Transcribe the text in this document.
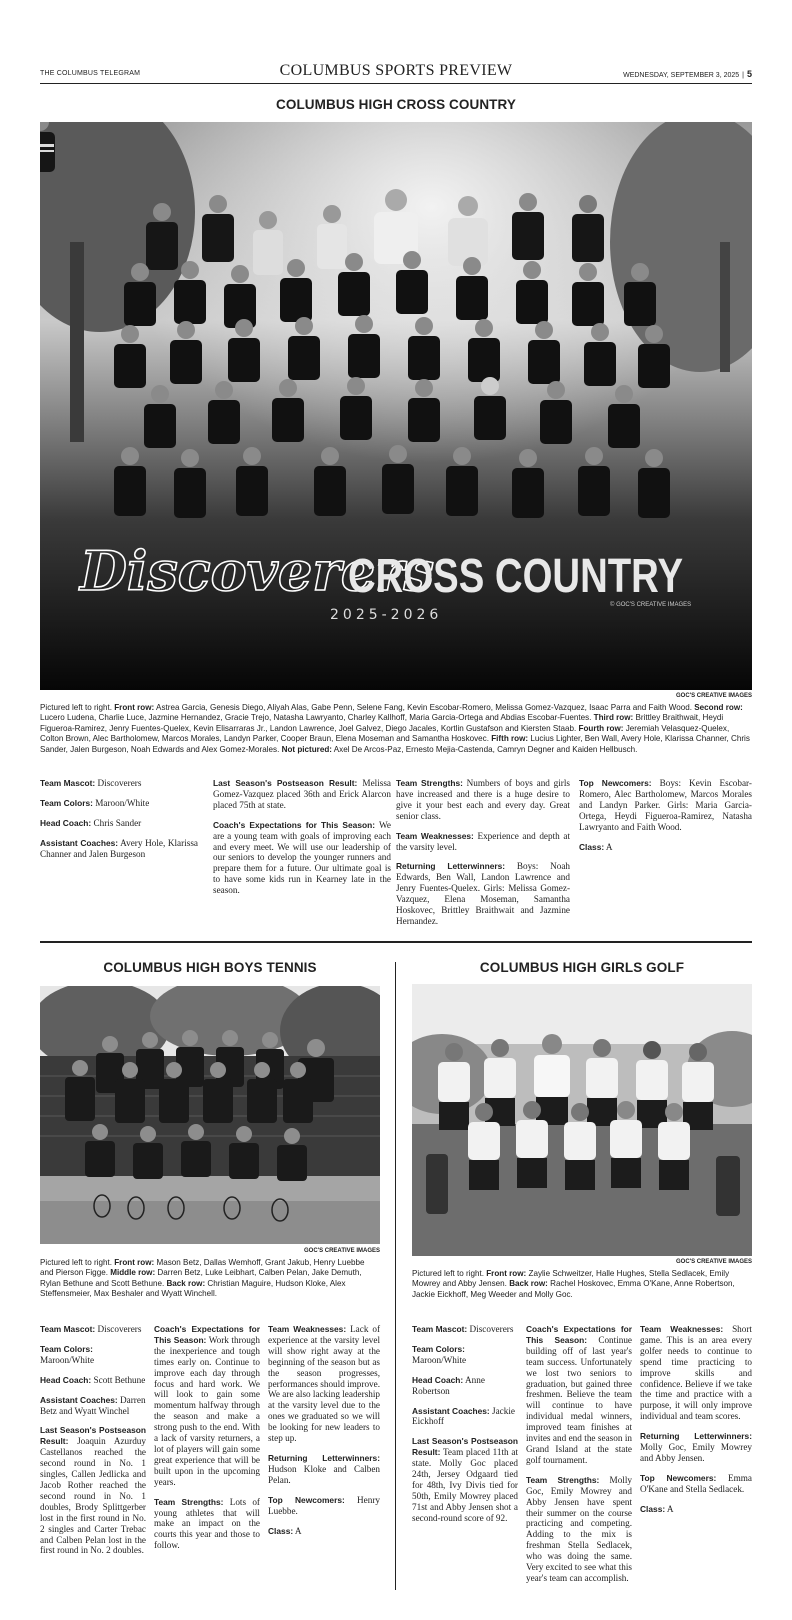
THE COLUMBUS TELEGRAM	COLUMBUS SPORTS PREVIEW	WEDNESDAY, SEPTEMBER 3, 2025 | 5
COLUMBUS HIGH CROSS COUNTRY
Discoverers
CROSS COUNTRY
2025-2026
© GOC'S CREATIVE IMAGES
GOC'S CREATIVE IMAGES
Pictured left to right. Front row: Astrea Garcia, Genesis Diego, Aliyah Alas, Gabe Penn, Selene Fang, Kevin Escobar-Romero, Melissa Gomez-Vazquez, Isaac Parra and Faith Wood. Second row: Lucero Ludena, Charlie Luce, Jazmine Hernandez, Gracie Trejo, Natasha Lawryanto, Charley Kallhoff, Maria Garcia-Ortega and Abdias Escobar-Fuentes. Third row: Brittley Braithwait, Heydi Figueroa-Ramirez, Jenry Fuentes-Quelex, Kevin Elisarraras Jr., Landon Lawrence, Joel Galvez, Diego Jacales, Kortlin Gustafson and Kiersten Staab. Fourth row: Jeremiah Velasquez-Quelex, Colton Brown, Alec Bartholomew, Marcos Morales, Landyn Parker, Cooper Braun, Elena Moseman and Samantha Hoskovec. Fifth row: Lucius Lighter, Ben Wall, Avery Hole, Klarissa Channer, Chris Sander, Jalen Burgeson, Noah Edwards and Alex Gomez-Morales. Not pictured: Axel De Arcos-Paz, Ernesto Mejia-Castenda, Camryn Degner and Kaiden Hellbusch.

Team Mascot: Discoverers

Team Colors: Maroon/White

Head Coach: Chris Sander

Assistant Coaches: Avery Hole, Klarissa Channer and Jalen Burgeson

Last Season's Postseason Result: Melissa Gomez-Vazquez placed 36th and Erick Alarcon placed 75th at state.

Coach's Expectations for This Season: We are a young team with goals of improving each and every meet. We will use our leadership of our seniors to develop the younger runners and prepare them for a future. Our ultimate goal is to have some kids run in Kearney late in the season.

Team Strengths: Numbers of boys and girls have increased and there is a huge desire to give it your best each and every day. Great senior class.

Team Weaknesses: Experience and depth at the varsity level.

Returning Letterwinners: Boys: Noah Edwards, Ben Wall, Landon Lawrence and Jenry Fuentes-Quelex. Girls: Melissa Gomez-Vazquez, Elena Moseman, Samantha Hoskovec, Brittley Braithwait and Jazmine Hernandez.

Top Newcomers: Boys: Kevin Escobar-Romero, Alec Bartholomew, Marcos Morales and Landyn Parker. Girls: Maria Garcia-Ortega, Heydi Figueroa-Ramirez, Natasha Lawryanto and Faith Wood.

Class: A

COLUMBUS HIGH BOYS TENNIS
GOC'S CREATIVE IMAGES
Pictured left to right. Front row: Mason Betz, Dallas Wemhoff, Grant Jakub, Henry Luebbe and Pierson Figge. Middle row: Darren Betz, Luke Leibhart, Calben Pelan, Jake Demuth, Rylan Bethune and Scott Bethune. Back row: Christian Maguire, Hudson Kloke, Alex Steffensmeier, Max Beshaler and Wyatt Winchell.

Team Mascot: Discoverers

Team Colors: Maroon/White

Head Coach: Scott Bethune

Assistant Coaches: Darren Betz and Wyatt Winchel

Last Season's Postseason Result: Joaquin Azurduy Castellanos reached the second round in No. 1 singles, Callen Jedlicka and Jacob Rother reached the second round in No. 1 doubles, Brody Splittgerber lost in the first round in No. 2 singles and Carter Trebac and Calben Pelan lost in the first round in No. 2 doubles.

Coach's Expectations for This Season: Work through the inexperience and tough times early on. Continue to improve each day through focus and hard work. We will look to gain some momentum halfway through the season and make a strong push to the end. With a lack of varsity returners, a lot of players will gain some great experience that will be built upon in the upcoming years.

Team Strengths: Lots of young athletes that will make an impact on the courts this year and those to follow.

Team Weaknesses: Lack of experience at the varsity level will show right away at the beginning of the season but as the season progresses, performances should improve. We are also lacking leadership at the varsity level due to the ones we graduated so we will be looking for new leaders to step up.

Returning Letterwinners: Hudson Kloke and Calben Pelan.

Top Newcomers: Henry Luebbe.

Class: A

COLUMBUS HIGH GIRLS GOLF
GOC'S CREATIVE IMAGES
Pictured left to right. Front row: Zaylie Schweitzer, Halle Hughes, Stella Sedlacek, Emily Mowrey and Abby Jensen. Back row: Rachel Hoskovec, Emma O'Kane, Anne Robertson, Jackie Eickhoff, Meg Weeder and Molly Goc.

Team Mascot: Discoverers

Team Colors: Maroon/White

Head Coach: Anne Robertson

Assistant Coaches: Jackie Eickhoff

Last Season's Postseason Result: Team placed 11th at state. Molly Goc placed 24th, Jersey Odgaard tied for 48th, Ivy Divis tied for 50th, Emily Mowrey placed 71st and Abby Jensen shot a second-round score of 92.

Coach's Expectations for This Season: Continue building off of last year's team success. Unfortunately we lost two seniors to graduation, but gained three freshmen. Believe the team will continue to have individual medal winners, improved team finishes at invites and end the season in Grand Island at the state golf tournament.

Team Strengths: Molly Goc, Emily Mowrey and Abby Jensen have spent their summer on the course practicing and competing. Adding to the mix is freshman Stella Sedlacek, who was doing the same. Very excited to see what this year's team can accomplish.

Team Weaknesses: Short game. This is an area every golfer needs to continue to spend time practicing to improve skills and confidence. Believe if we take the time and practice with a purpose, it will only improve individual and team scores.

Returning Letterwinners: Molly Goc, Emily Mowrey and Abby Jensen.

Top Newcomers: Emma O'Kane and Stella Sedlacek.

Class: A
